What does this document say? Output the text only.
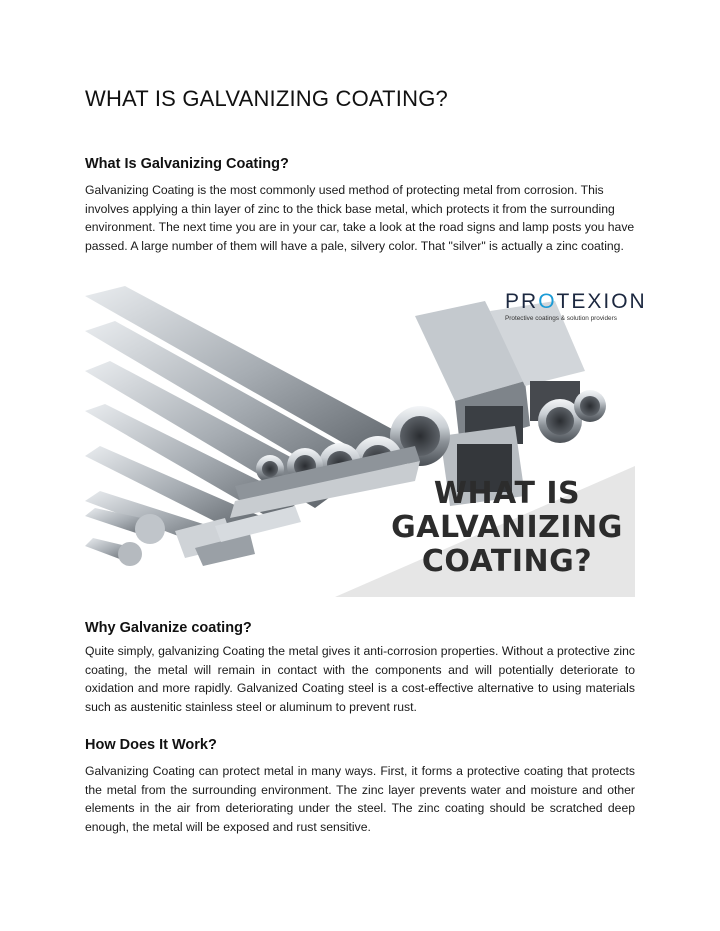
WHAT IS GALVANIZING COATING?
What Is Galvanizing Coating?

Galvanizing Coating is the most commonly used method of protecting metal from corrosion. This involves applying a thin layer of zinc to the thick base metal, which protects it from the surrounding environment. The next time you are in your car, take a look at the road signs and lamp posts you have passed. A large number of them will have a pale, silvery color. That "silver" is actually a zinc coating.

Why Galvanize coating?

Quite simply, galvanizing Coating the metal gives it anti-corrosion properties. Without a protective zinc coating, the metal will remain in contact with the components and will potentially deteriorate to oxidation and more rapidly. Galvanized Coating steel is a cost-effective alternative to using materials such as austenitic stainless steel or aluminum to prevent rust.

How Does It Work?

Galvanizing Coating can protect metal in many ways. First, it forms a protective coating that protects the metal from the surrounding environment. The zinc layer prevents water and moisture and other elements in the air from deteriorating under the steel. The zinc coating should be scratched deep enough, the metal will be exposed and rust sensitive.

PROTEXION
Protective coatings & solution providers
WHAT IS
GALVANIZING
COATING?
